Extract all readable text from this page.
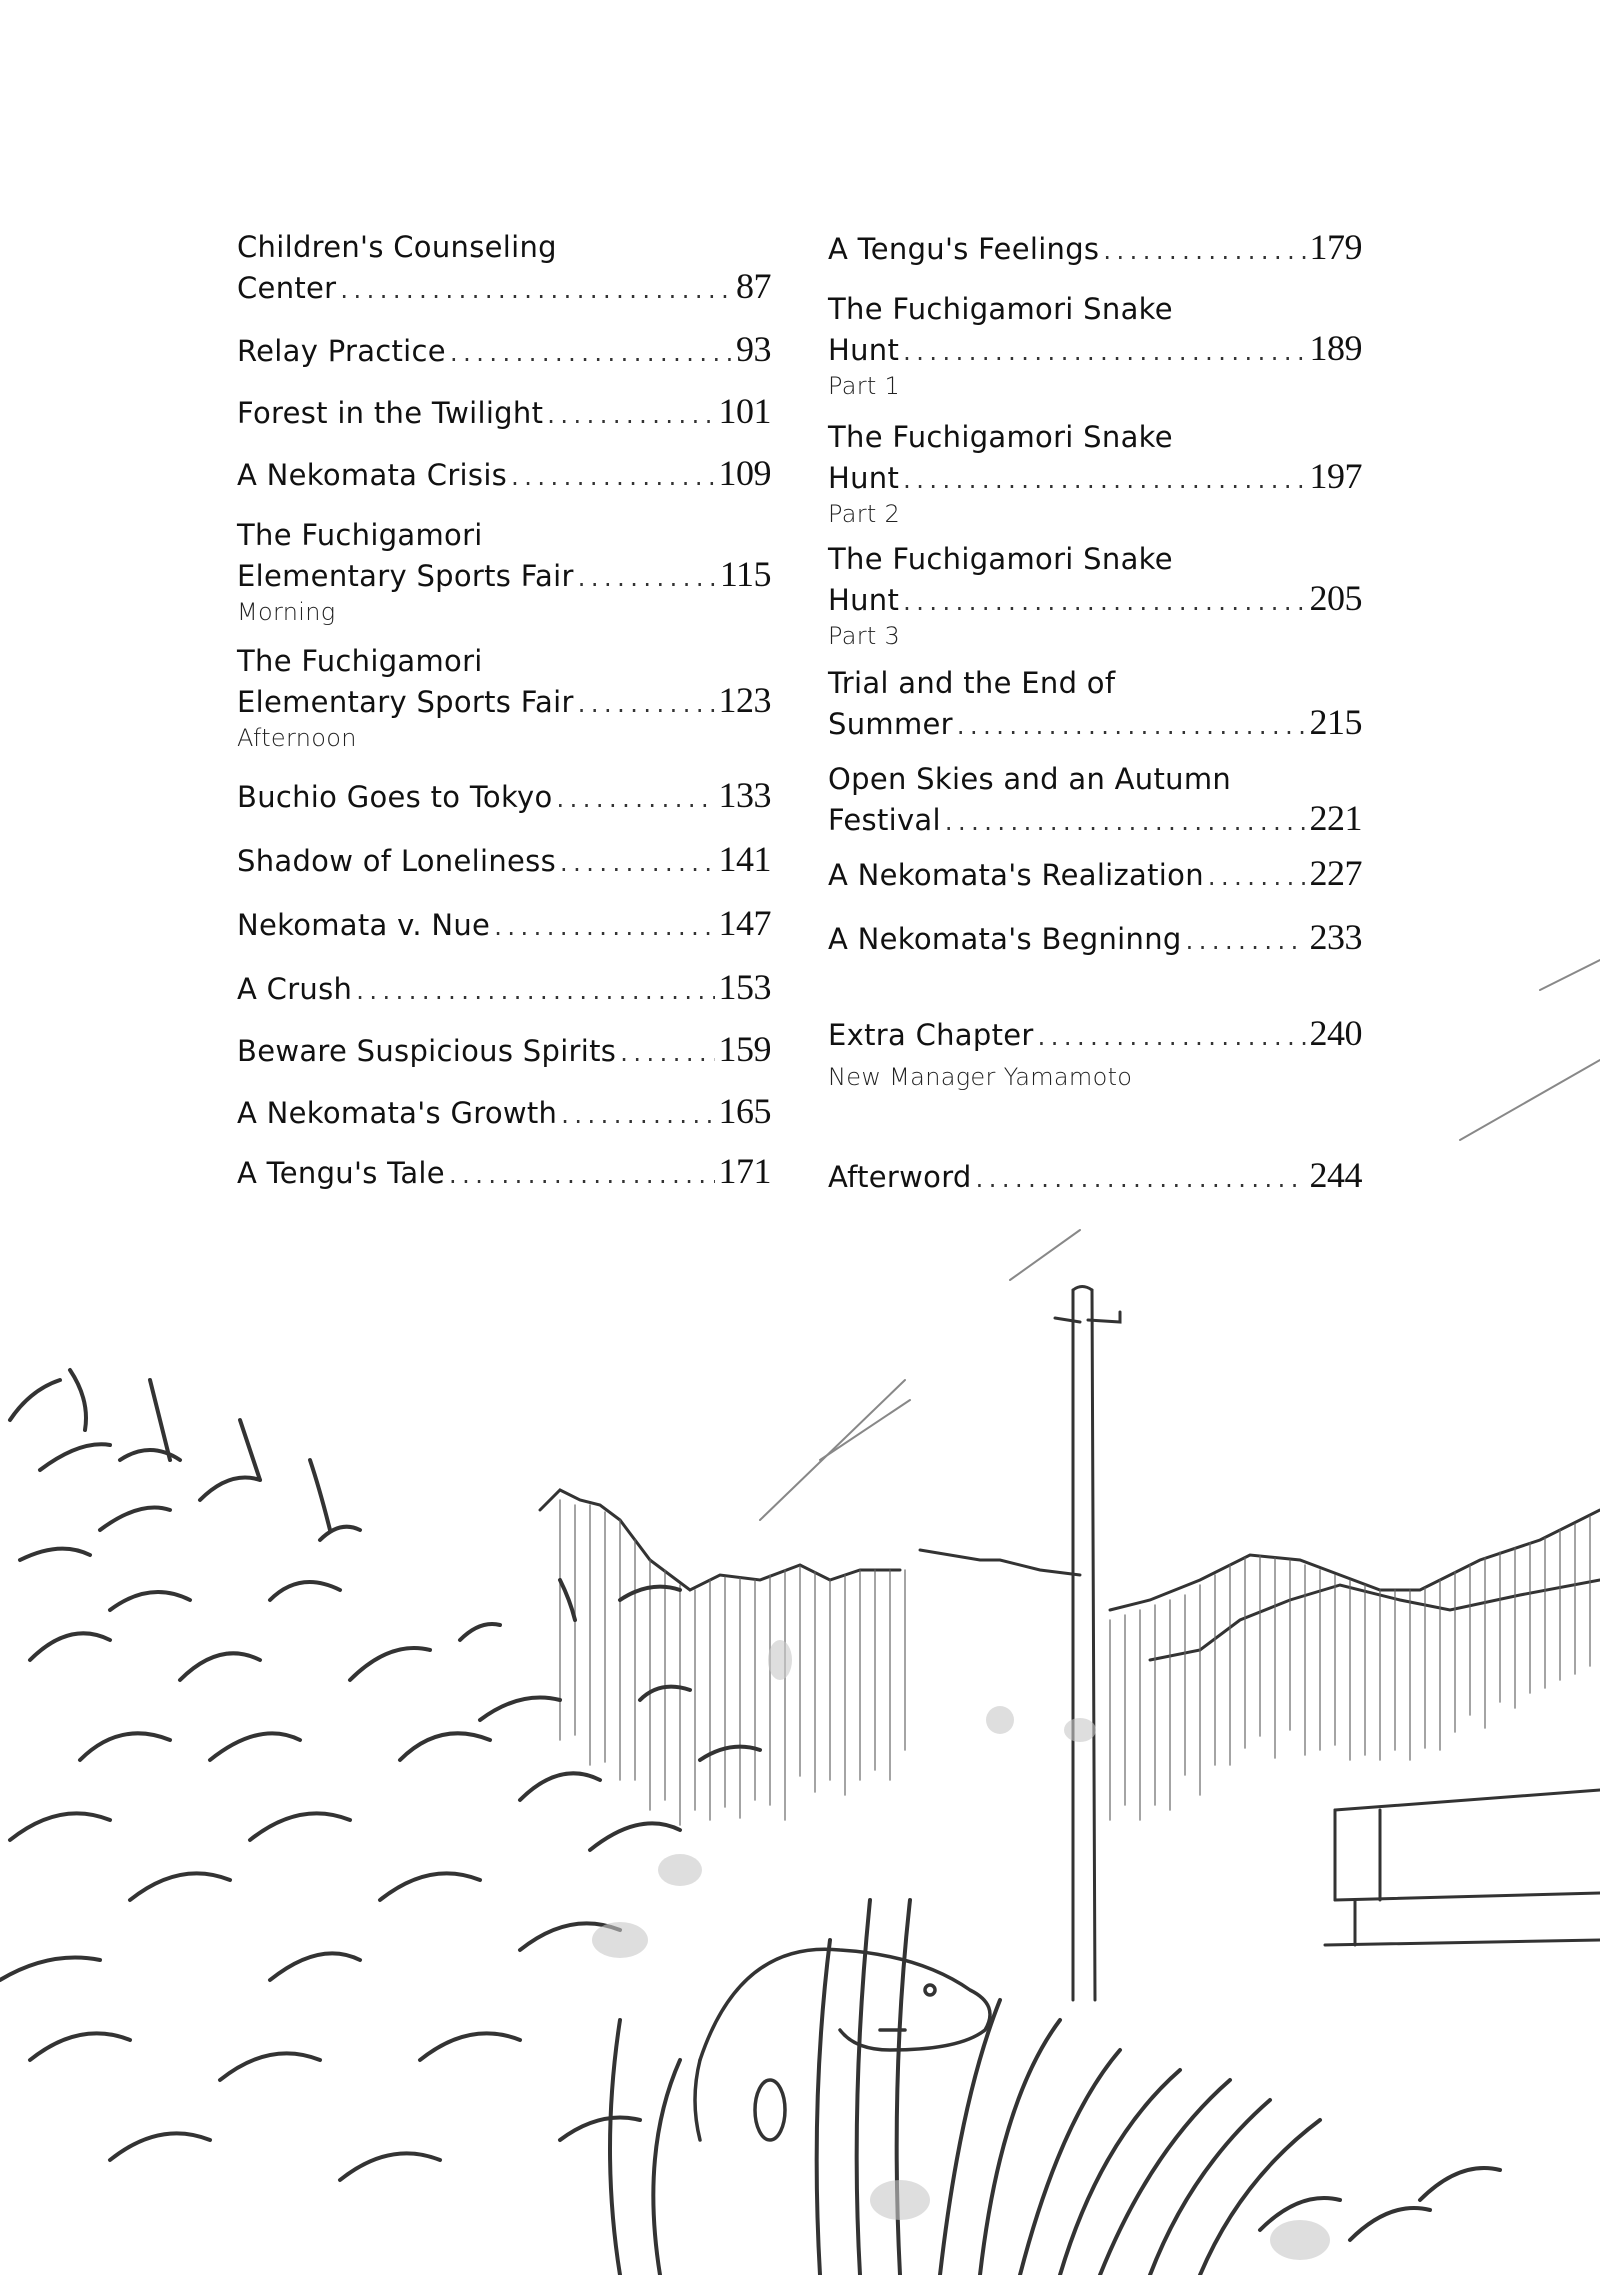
Children's Counseling
Center .....	87
Relay Practice .....	93
Forest in the Twilight .....	101
A Nekomata Crisis .....	109
The Fuchigamori
Elementary Sports Fair .....	115
Morning
The Fuchigamori
Elementary Sports Fair .....	123
Afternoon
Buchio Goes to Tokyo .....	133
Shadow of Loneliness .....	141
Nekomata v. Nue .....	147
A Crush .....	153
Beware Suspicious Spirits .....	159
A Nekomata's Growth .....	165
A Tengu's Tale .....	171
A Tengu's Feelings .....	179
The Fuchigamori Snake
Hunt .....	189
Part 1
The Fuchigamori Snake
Hunt .....	197
Part 2
The Fuchigamori Snake
Hunt .....	205
Part 3
Trial and the End of
Summer .....	215
Open Skies and an Autumn
Festival .....	221
A Nekomata's Realization .....	227
A Nekomata's Begninng .....	233
Extra Chapter .....	240
New Manager Yamamoto
Afterword .....	244
